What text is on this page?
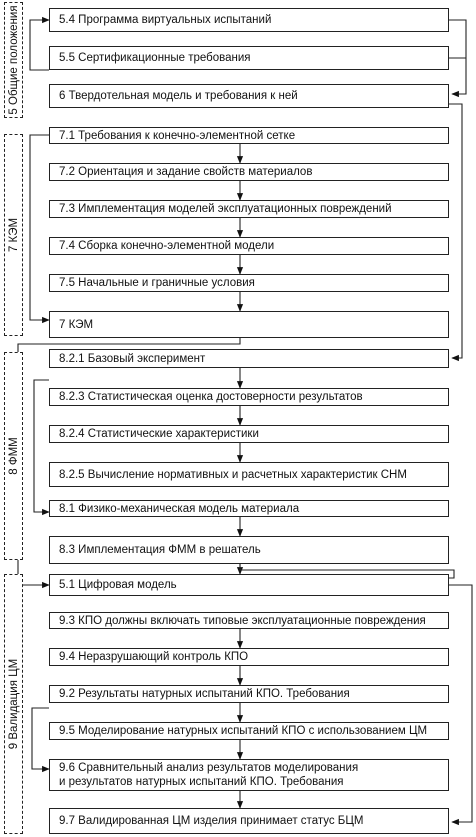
5 Общие положения
7 КЭМ
8 ФММ
9 Валидация ЦМ
5.4 Программа виртуальных испытаний
5.5 Сертификационные требования
6 Твердотельная модель и требования к ней
7.1 Требования к конечно-элементной сетке
7.2 Ориентация и задание свойств материалов
7.3 Имплементация моделей эксплуатационных повреждений
7.4 Сборка конечно-элементной модели
7.5 Начальные и граничные условия
7 КЭМ
8.2.1 Базовый эксперимент
8.2.3 Статистическая оценка достоверности результатов
8.2.4 Статистические характеристики
8.2.5 Вычисление нормативных и расчетных характеристик СНМ
8.1 Физико-механическая модель материала
8.3 Имплементация ФММ в решатель
5.1 Цифровая модель
9.3 КПО должны включать типовые эксплуатационные повреждения
9.4 Неразрушающий контроль КПО
9.2 Результаты натурных испытаний КПО. Требования
9.5 Моделирование натурных испытаний КПО с использованием ЦМ
9.6 Сравнительный анализ результатов моделирования
и результатов натурных испытаний КПО. Требования
9.7 Валидированная ЦМ изделия принимает статус БЦМ
